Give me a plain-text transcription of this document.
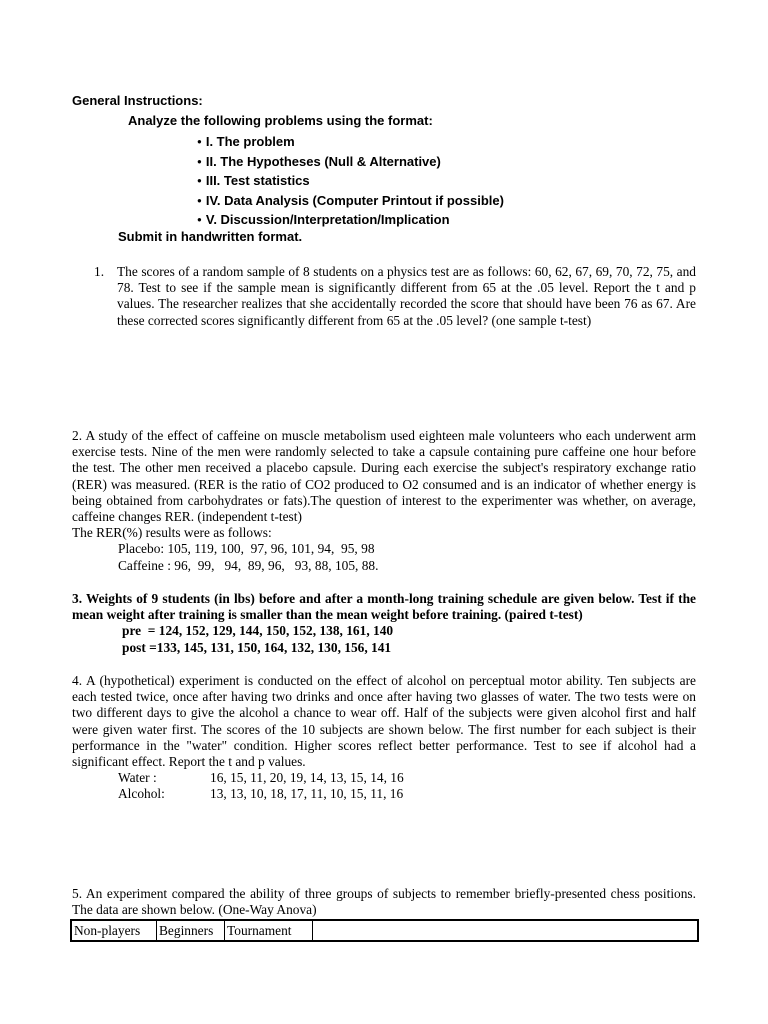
General Instructions:
Analyze the following problems using the format:
● I. The problem
● II. The Hypotheses (Null & Alternative)
● III. Test statistics
● IV. Data Analysis (Computer Printout if possible)
● V. Discussion/Interpretation/Implication
Submit in handwritten format.
1. The scores of a random sample of 8 students on a physics test are as follows: 60, 62, 67, 69, 70, 72, 75, and 78. Test to see if the sample mean is significantly different from 65 at the .05 level. Report the t and p values. The researcher realizes that she accidentally recorded the score that should have been 76 as 67. Are these corrected scores significantly different from 65 at the .05 level? (one sample t-test)
2. A study of the effect of caffeine on muscle metabolism used eighteen male volunteers who each underwent arm exercise tests. Nine of the men were randomly selected to take a capsule containing pure caffeine one hour before the test. The other men received a placebo capsule. During each exercise the subject's respiratory exchange ratio (RER) was measured. (RER is the ratio of CO2 produced to O2 consumed and is an indicator of whether energy is being obtained from carbohydrates or fats).The question of interest to the experimenter was whether, on average, caffeine changes RER. (independent t-test)
The RER(%) results were as follows:
Placebo: 105, 119, 100,  97, 96, 101, 94,  95, 98
Caffeine : 96,  99,   94,  89, 96,   93, 88, 105, 88.
3. Weights of 9 students (in lbs) before and after a month-long training schedule are given below. Test if the mean weight after training is smaller than the mean weight before training. (paired t-test)
pre  = 124, 152, 129, 144, 150, 152, 138, 161, 140
post =133, 145, 131, 150, 164, 132, 130, 156, 141
4. A (hypothetical) experiment is conducted on the effect of alcohol on perceptual motor ability. Ten subjects are each tested twice, once after having two drinks and once after having two glasses of water. The two tests were on two different days to give the alcohol a chance to wear off. Half of the subjects were given alcohol first and half were given water first. The scores of the 10 subjects are shown below. The first number for each subject is their performance in the "water" condition. Higher scores reflect better performance. Test to see if alcohol had a significant effect. Report the t and p values.
Water :	16, 15, 11, 20, 19, 14, 13, 15, 14, 16
Alcohol:	13, 13, 10, 18, 17, 11, 10, 15, 11, 16
5. An experiment compared the ability of three groups of subjects to remember briefly-presented chess positions. The data are shown below. (One-Way Anova)
Non-players	Beginners	Tournament	
